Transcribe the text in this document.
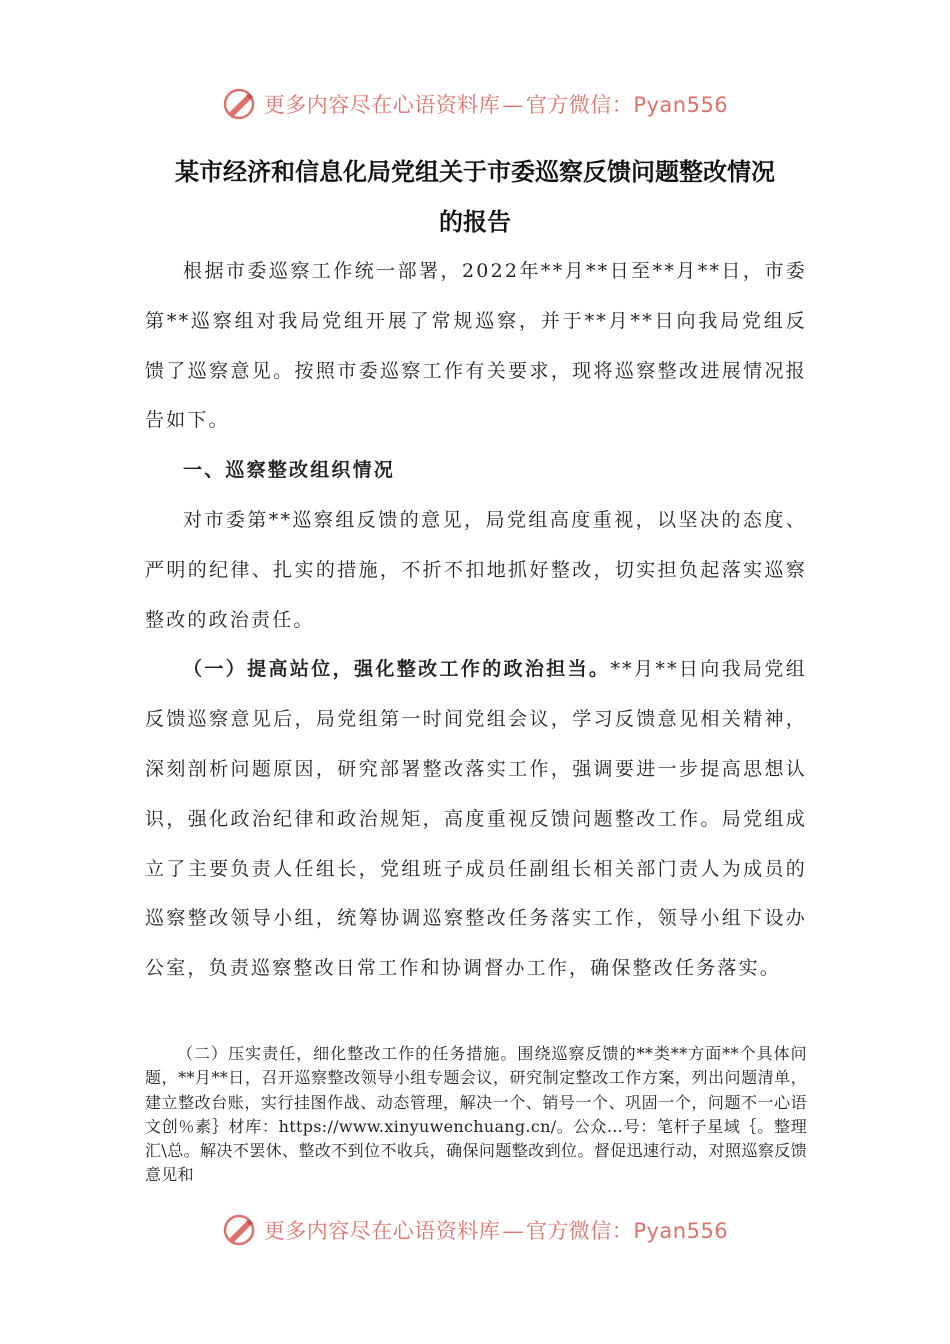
更多内容尽在心语资料库—官方微信：Pyan556
某市经济和信息化局党组关于市委巡察反馈问题整改情况
的报告

根据市委巡察工作统一部署，2022年**月**日至**月**日，市委第**巡察组对我局党组开展了常规巡察，并于**月**日向我局党组反馈了巡察意见。按照市委巡察工作有关要求，现将巡察整改进展情况报告如下。

一、巡察整改组织情况

对市委第**巡察组反馈的意见，局党组高度重视，以坚决的态度、严明的纪律、扎实的措施，不折不扣地抓好整改，切实担负起落实巡察整改的政治责任。

（一）提高站位，强化整改工作的政治担当。**月**日向我局党组反馈巡察意见后，局党组第一时间党组会议，学习反馈意见相关精神，深刻剖析问题原因，研究部署整改落实工作，强调要进一步提高思想认识，强化政治纪律和政治规矩，高度重视反馈问题整改工作。局党组成立了主要负责人任组长，党组班子成员任副组长相关部门责人为成员的巡察整改领导小组，统筹协调巡察整改任务落实工作，领导小组下设办公室，负责巡察整改日常工作和协调督办工作，确保整改任务落实。

（二）压实责任，细化整改工作的任务措施。围绕巡察反馈的**类**方面**个具体问题，**月**日，召开巡察整改领导小组专题会议，研究制定整改工作方案，列出问题清单，建立整改台账，实行挂图作战、动态管理，解决一个、销号一个、巩固一个，问题不一心语文创％素｝材库：https://www.xinyuwenchuang.cn/。公众…号：笔杆子星域｛。整理汇\总。解决不罢休、整改不到位不收兵，确保问题整改到位。督促迅速行动，对照巡察反馈意见和

更多内容尽在心语资料库—官方微信：Pyan556
